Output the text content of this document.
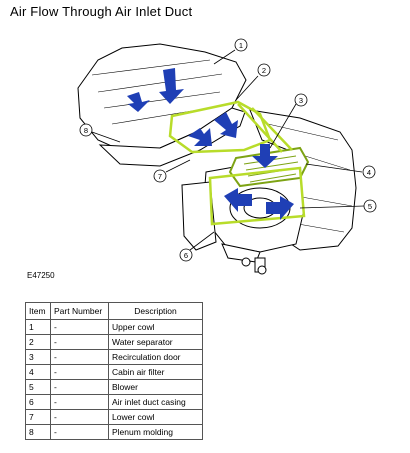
Air Flow Through Air Inlet Duct
1
2
3
4
5
6
7
8
E47250
Item	Part Number	Description
1	-	Upper cowl
2	-	Water separator
3	-	Recirculation door
4	-	Cabin air filter
5	-	Blower
6	-	Air inlet duct casing
7	-	Lower cowl
8	-	Plenum molding
